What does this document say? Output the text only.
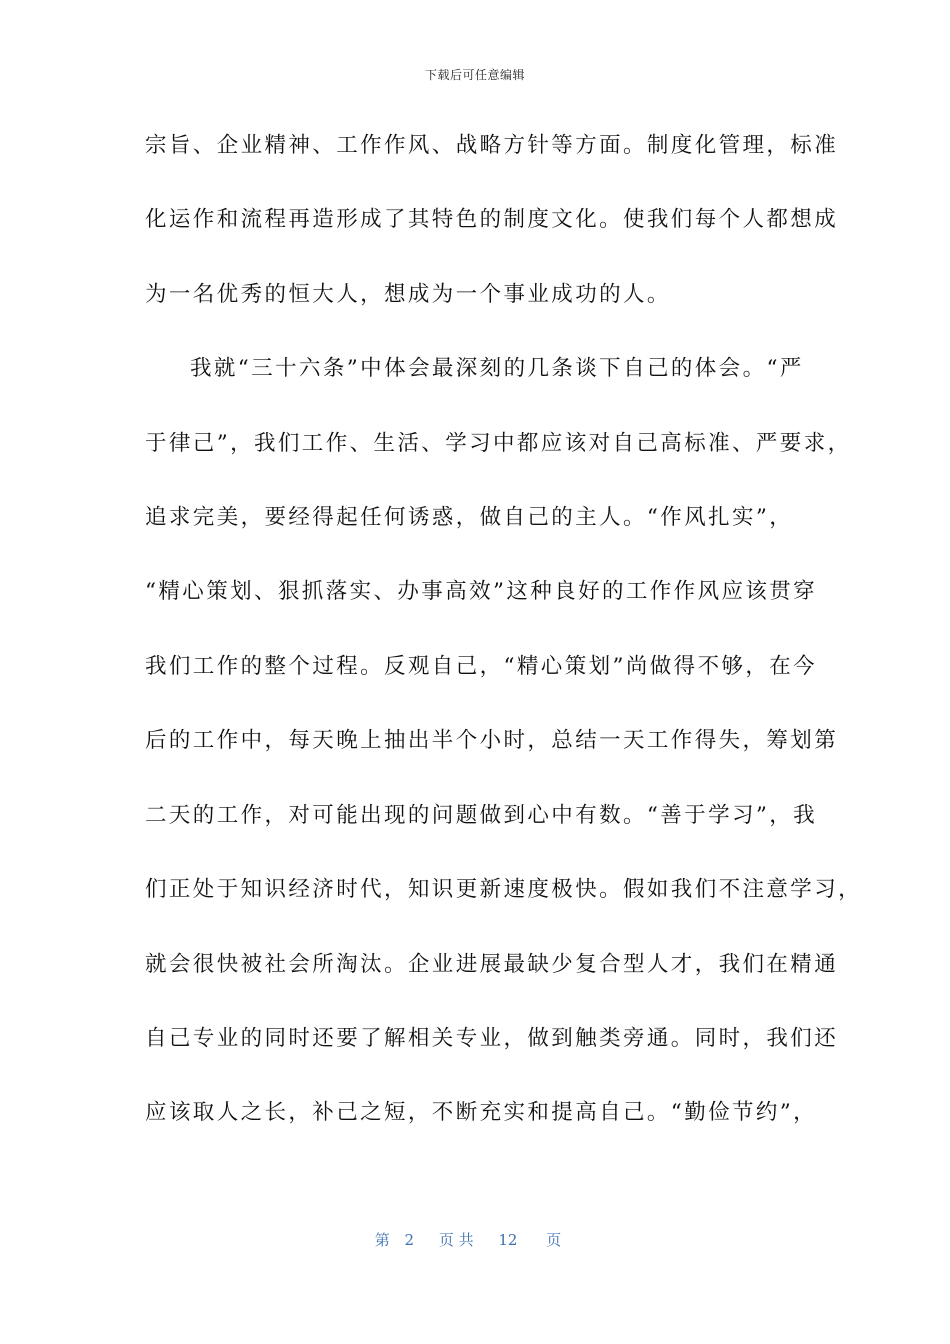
下载后可任意编辑
宗旨、企业精神、工作作风、战略方针等方面。制度化管理，标准
化运作和流程再造形成了其特色的制度文化。使我们每个人都想成
为一名优秀的恒大人，想成为一个事业成功的人。
我就“三十六条”中体会最深刻的几条谈下自己的体会。“严
于律己”，我们工作、生活、学习中都应该对自己高标准、严要求，
追求完美，要经得起任何诱惑，做自己的主人。“作风扎实”，
“精心策划、狠抓落实、办事高效”这种良好的工作作风应该贯穿
我们工作的整个过程。反观自己，“精心策划”尚做得不够，在今
后的工作中，每天晚上抽出半个小时，总结一天工作得失，筹划第
二天的工作，对可能出现的问题做到心中有数。“善于学习”，我
们正处于知识经济时代，知识更新速度极快。假如我们不注意学习，
就会很快被社会所淘汰。企业进展最缺少复合型人才，我们在精通
自己专业的同时还要了解相关专业，做到触类旁通。同时，我们还
应该取人之长，补己之短，不断充实和提高自己。“勤俭节约”，
第 2 页 共 12 页
